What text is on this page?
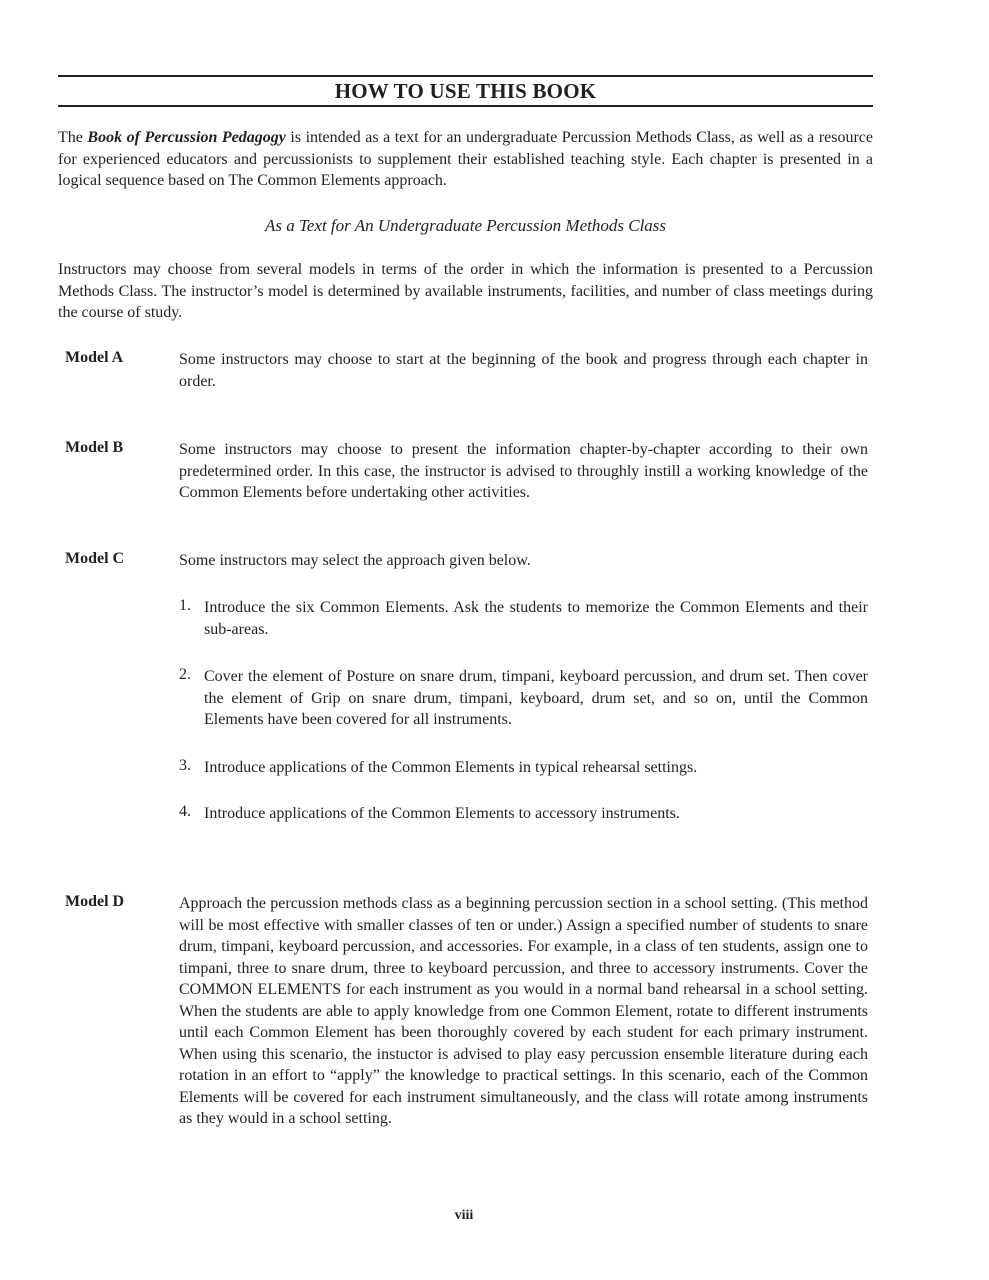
HOW TO USE THIS BOOK

The Book of Percussion Pedagogy is intended as a text for an undergraduate Percussion Methods Class, as well as a resource for experienced educators and percussionists to supplement their established teaching style. Each chapter is presented in a logical sequence based on The Common Elements approach.

As a Text for An Undergraduate Percussion Methods Class

Instructors may choose from several models in terms of the order in which the information is presented to a Percussion Methods Class. The instructor’s model is determined by available instruments, facilities, and number of class meetings during the course of study.

Model A	Some instructors may choose to start at the beginning of the book and progress through each chapter in order.

Model B	Some instructors may choose to present the information chapter-by-chapter according to their own predetermined order. In this case, the instructor is advised to throughly instill a working knowledge of the Common Elements before undertaking other activities.

Model C	Some instructors may select the approach given below.

1. Introduce the six Common Elements. Ask the students to memorize the Common Elements and their sub-areas.

2. Cover the element of Posture on snare drum, timpani, keyboard percussion, and drum set. Then cover the element of Grip on snare drum, timpani, keyboard, drum set, and so on, until the Common Elements have been covered for all instruments.

3. Introduce applications of the Common Elements in typical rehearsal settings.

4. Introduce applications of the Common Elements to accessory instruments.

Model D	Approach the percussion methods class as a beginning percussion section in a school setting. (This method will be most effective with smaller classes of ten or under.) Assign a specified number of students to snare drum, timpani, keyboard percussion, and accessories. For example, in a class of ten students, assign one to timpani, three to snare drum, three to keyboard percussion, and three to accessory instruments. Cover the COMMON ELEMENTS for each instrument as you would in a normal band rehearsal in a school setting. When the students are able to apply knowledge from one Common Element, rotate to different instruments until each Common Element has been thoroughly covered by each student for each primary instrument. When using this scenario, the instuctor is advised to play easy percussion ensemble literature during each rotation in an effort to “apply” the knowledge to practical settings. In this scenario, each of the Common Elements will be covered for each instrument simultaneously, and the class will rotate among instruments as they would in a school setting.

viii
